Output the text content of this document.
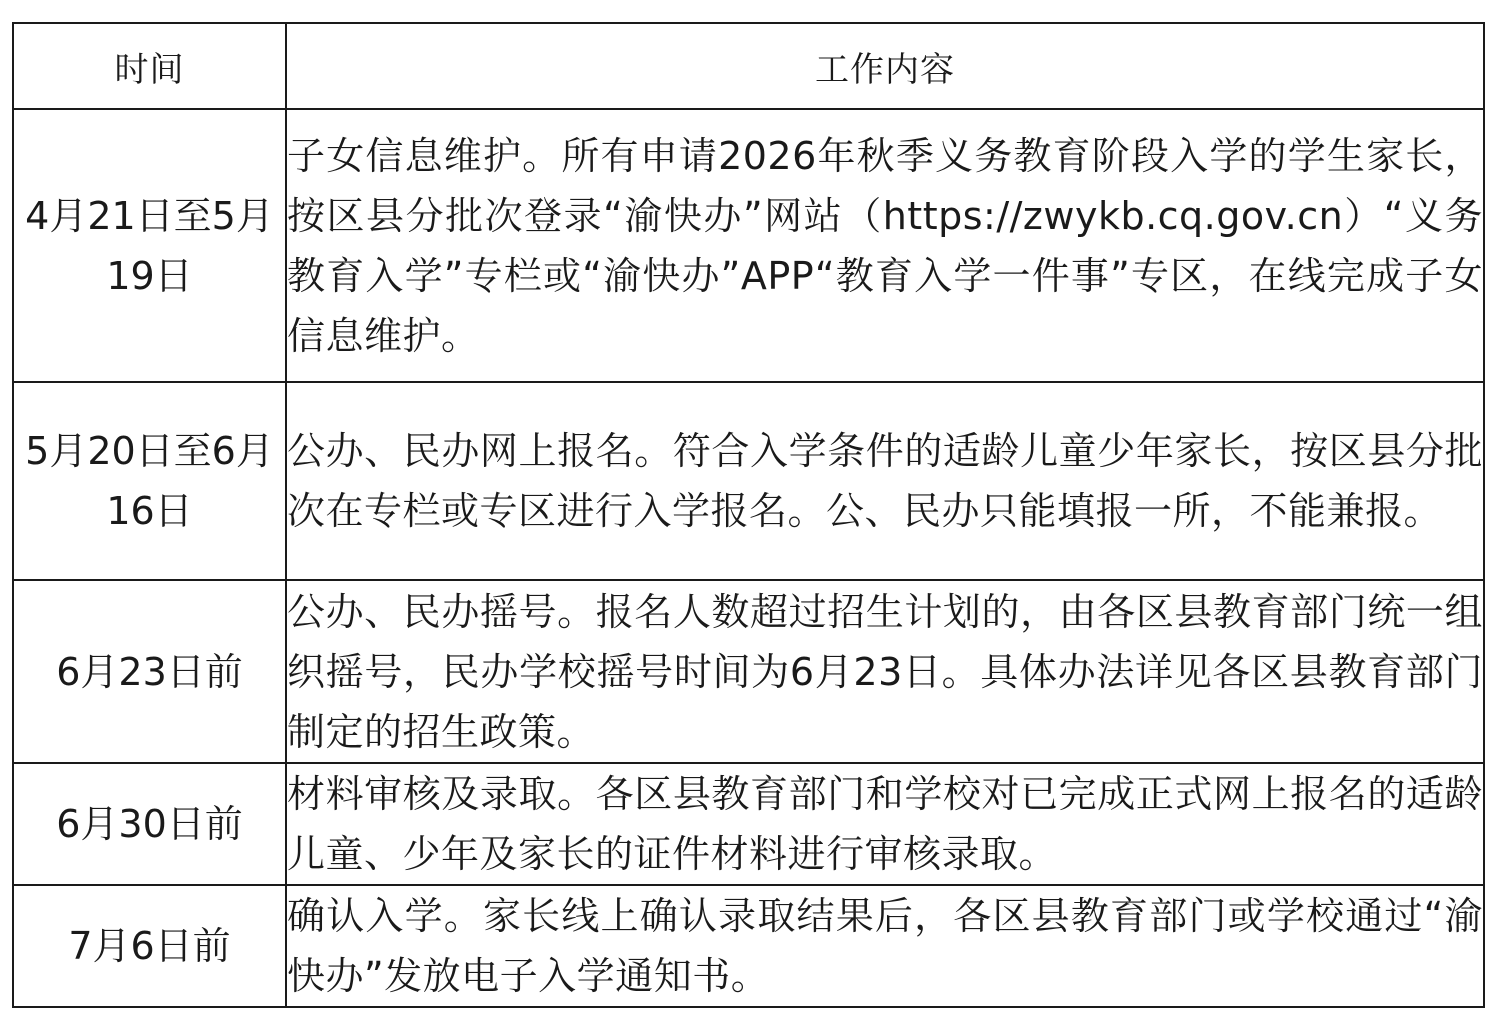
时间	工作内容
4月21日至5月19日	子女信息维护。所有申请2026年秋季义务教育阶段入学的学生家长，按区县分批次登录“渝快办”网站（https://zwykb.cq.gov.cn）“义务教育入学”专栏或“渝快办”APP“教育入学一件事”专区，在线完成子女信息维护。
5月20日至6月16日	公办、民办网上报名。符合入学条件的适龄儿童少年家长，按区县分批次在专栏或专区进行入学报名。公、民办只能填报一所，不能兼报。
6月23日前	公办、民办摇号。报名人数超过招生计划的，由各区县教育部门统一组织摇号，民办学校摇号时间为6月23日。具体办法详见各区县教育部门制定的招生政策。
6月30日前	材料审核及录取。各区县教育部门和学校对已完成正式网上报名的适龄儿童、少年及家长的证件材料进行审核录取。
7月6日前	确认入学。家长线上确认录取结果后，各区县教育部门或学校通过“渝快办”发放电子入学通知书。
